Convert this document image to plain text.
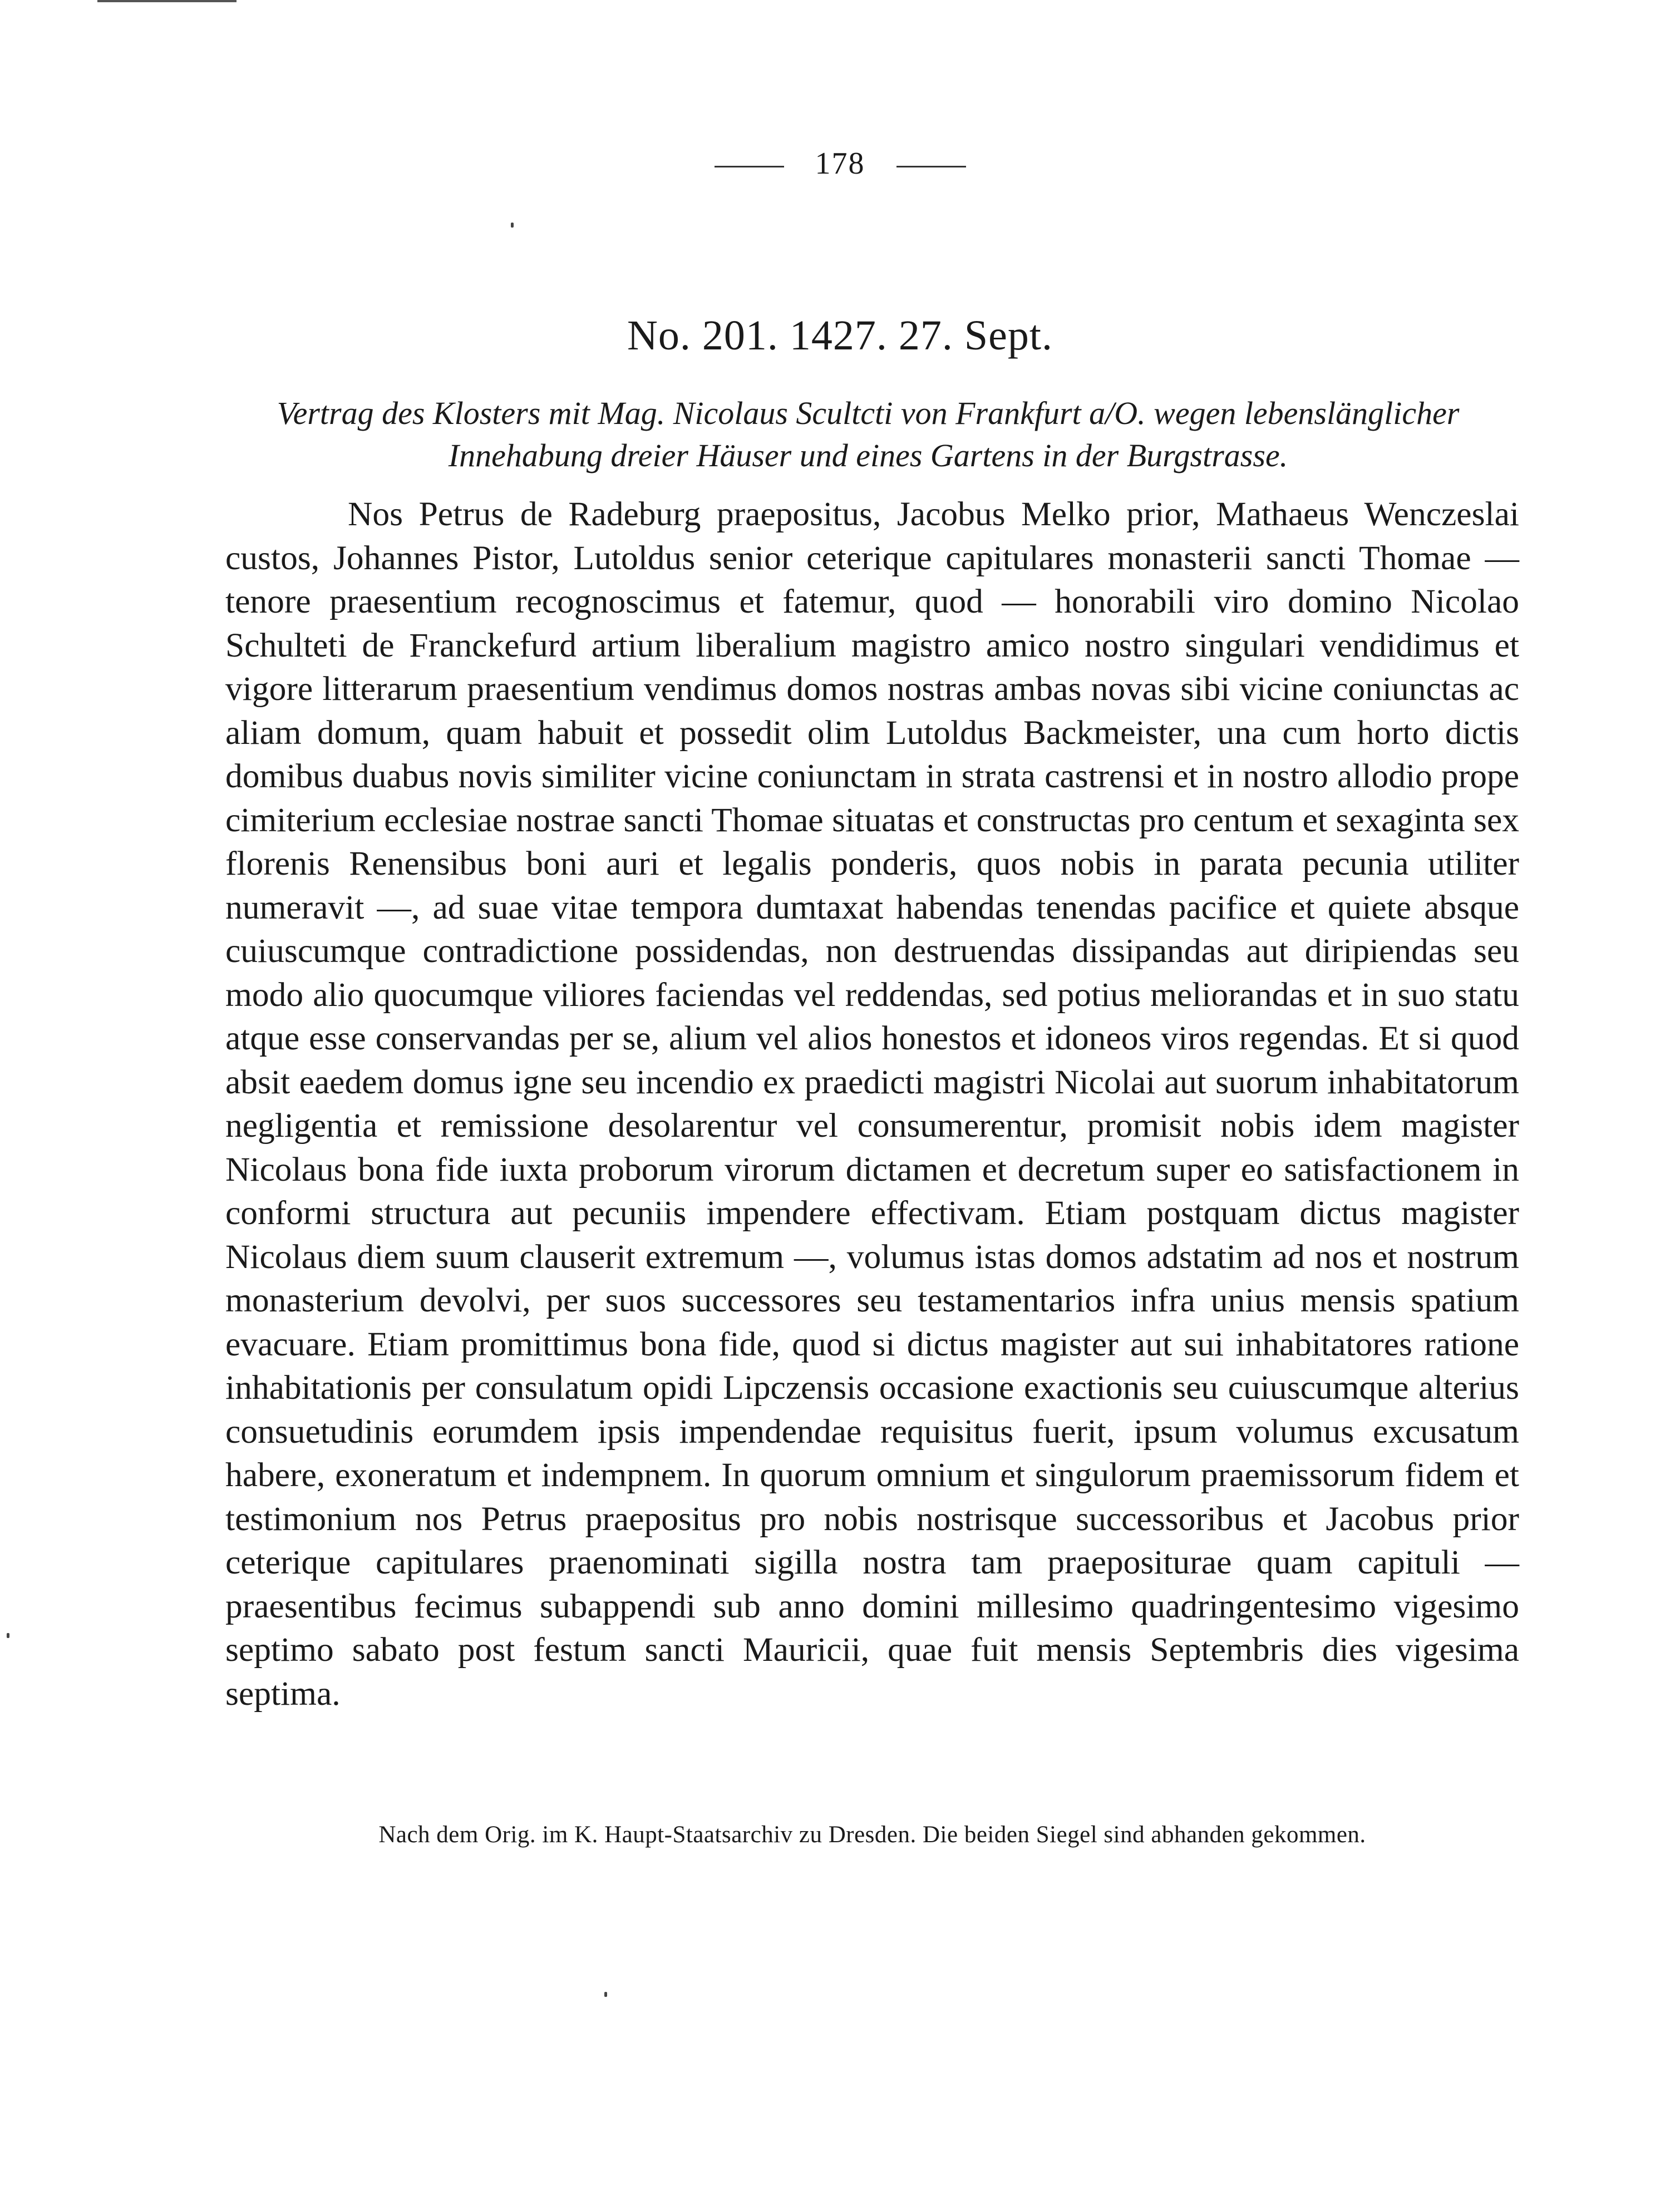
178
No. 201. 1427. 27. Sept.
Vertrag des Klosters mit Mag. Nicolaus Scultcti von Frankfurt a/O. wegen lebenslänglicher Innehabung dreier Häuser und eines Gartens in der Burgstrasse.
Nos Petrus de Radeburg praepositus, Jacobus Melko prior, Mathaeus Wenczeslai custos, Johannes Pistor, Lutoldus senior ceterique capitulares monasterii sancti Thomae — tenore praesentium recognoscimus et fatemur, quod — honorabili viro domino Nicolao Schulteti de Franckefurd artium liberalium magistro amico nostro singulari vendidimus et vigore litterarum praesentium vendimus domos nostras ambas novas sibi vicine coniunctas ac aliam domum, quam habuit et possedit olim Lutoldus Backmeister, una cum horto dictis domibus duabus novis similiter vicine coniunctam in strata castrensi et in nostro allodio prope cimiterium ecclesiae nostrae sancti Thomae situatas et constructas pro centum et sexaginta sex florenis Renensibus boni auri et legalis ponderis, quos nobis in parata pecunia utiliter numeravit —, ad suae vitae tempora dumtaxat habendas tenendas pacifice et quiete absque cuiuscumque contradictione possidendas, non destruendas dissipandas aut diripiendas seu modo alio quocumque viliores faciendas vel reddendas, sed potius meliorandas et in suo statu atque esse conservandas per se, alium vel alios honestos et idoneos viros regendas. Et si quod absit eaedem domus igne seu incendio ex praedicti magistri Nicolai aut suorum inhabitatorum negligentia et remissione desolarentur vel consumerentur, promisit nobis idem magister Nicolaus bona fide iuxta proborum virorum dictamen et decretum super eo satisfactionem in conformi structura aut pecuniis impendere effectivam. Etiam postquam dictus magister Nicolaus diem suum clauserit extremum —, volumus istas domos adstatim ad nos et nostrum monasterium devolvi, per suos successores seu testamentarios infra unius mensis spatium evacuare. Etiam promittimus bona fide, quod si dictus magister aut sui inhabitatores ratione inhabitationis per consulatum opidi Lipczensis occasione exactionis seu cuiuscumque alterius consuetudinis eorumdem ipsis impendendae requisitus fuerit, ipsum volumus excusatum habere, exoneratum et indempnem. In quorum omnium et singulorum praemissorum fidem et testimonium nos Petrus praepositus pro nobis nostrisque successoribus et Jacobus prior ceterique capitulares praenominati sigilla nostra tam praepositurae quam capituli — praesentibus fecimus subappendi sub anno domini millesimo quadringentesimo vigesimo septimo sabato post festum sancti Mauricii, quae fuit mensis Septembris dies vigesima septima.
Nach dem Orig. im K. Haupt-Staatsarchiv zu Dresden. Die beiden Siegel sind abhanden gekommen.
